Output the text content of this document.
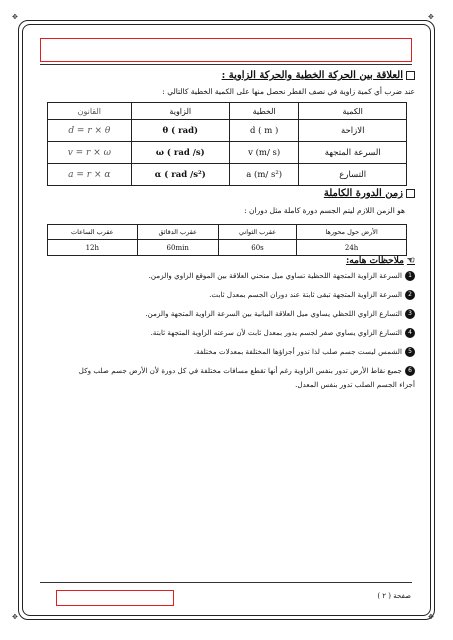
✥	✥
✥	✥
العلاقة بين الحركة الخطية والحركة الزاوية :
عند ضرب أي كمية زاوية في نصف القطر نحصل منها على الكمية الخطية كالتالي :
الكمية	الخطية	الزاوية	القانون
الازاحة	d ( m )	θ ( rad)	d = r × θ
السرعة المتجهة	v (m/ s)	ω ( rad /s)	v = r × ω
التسارع	a (m/ s²)	α ( rad /s²)	a = r × α
زمن الدورة الكاملة
هو الزمن اللازم ليتم الجسم دورة كاملة مثل دوران :
الأرض حول محورها	عقرب الثواني	عقرب الدقائق	عقرب الساعات
24h	60s	60min	12h
☜
ملاحظات هامه:
1السرعة الزاوية المتجهة اللحظية تساوي ميل منحني العلاقة بين الموقع الزاوي والزمن.
2السرعة الزاوية المتجهة تبقى ثابتة عند دوران الجسم بمعدل ثابت.
3التسارع الزاوي اللحظي يساوي ميل العلاقة البيانية بين السرعة الزاوية المتجهة والزمن.
4التسارع الزاوي يساوي صفر لجسم يدور بمعدل ثابت لأن سرعته الزاوية المتجهة ثابتة.
5الشمس ليست جسم صلب لذا تدور أجزاؤها المختلفة بمعدلات مختلفة.
6جميع نقاط الأرض تدور بنفس الزاوية رغم أنها تقطع مسافات مختلفة في كل دورة لأن الأرض جسم صلب وكل أجزاء الجسم الصلب تدور بنفس المعدل.
صفحة ( ٢ )
